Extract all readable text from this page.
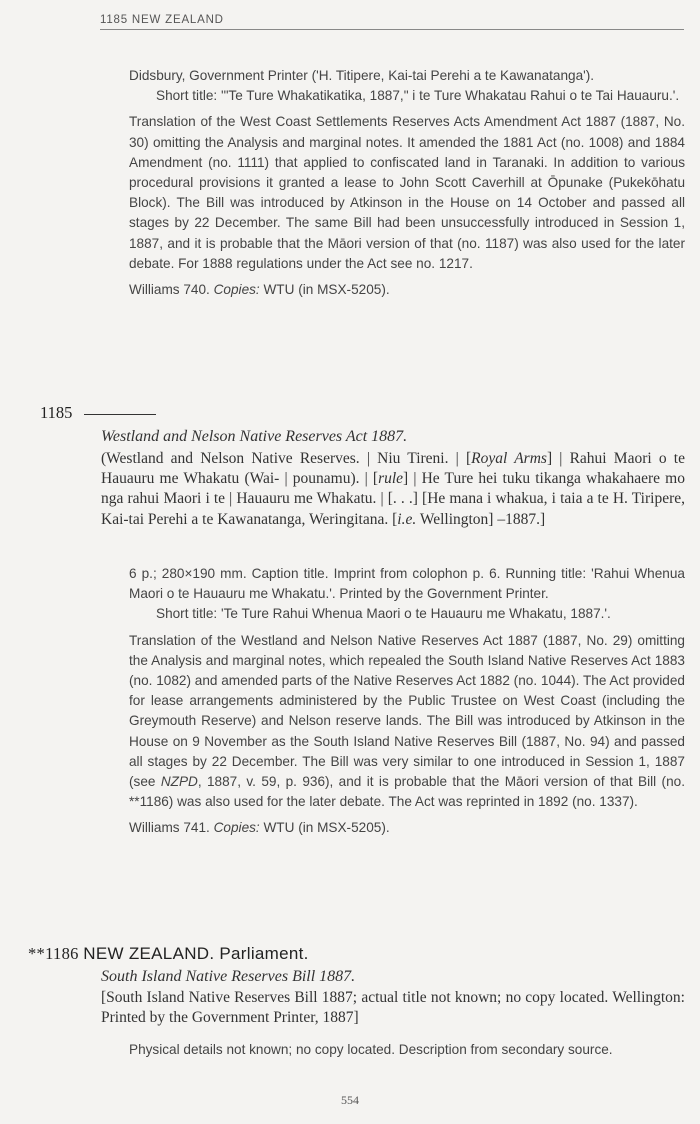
1185 NEW ZEALAND

Didsbury, Government Printer ('H. Titipere, Kai-tai Perehi a te Kawanatanga').

Short title: '"Te Ture Whakatikatika, 1887," i te Ture Whakatau Rahui o te Tai Hauauru.'.

Translation of the West Coast Settlements Reserves Acts Amendment Act 1887 (1887, No. 30) omitting the Analysis and marginal notes. It amended the 1881 Act (no. 1008) and 1884 Amendment (no. 1111) that applied to confiscated land in Taranaki. In addition to various procedural provisions it granted a lease to John Scott Caverhill at Ōpunake (Pukekōhatu Block). The Bill was introduced by Atkinson in the House on 14 October and passed all stages by 22 December. The same Bill had been unsuccessfully introduced in Session 1, 1887, and it is probable that the Māori version of that (no. 1187) was also used for the later debate. For 1888 regulations under the Act see no. 1217.

Williams 740. Copies: WTU (in MSX-5205).

1185
Westland and Nelson Native Reserves Act 1887.
(Westland and Nelson Native Reserves. | Niu Tireni. | [Royal Arms] | Rahui Maori o te Hauauru me Whakatu (Wai- | pounamu). | [rule] | He Ture hei tuku tikanga whakahaere mo nga rahui Maori i te | Hauauru me Whakatu. | [. . .] [He mana i whakua, i taia a te H. Tiripere, Kai-tai Perehi a te Kawanatanga, Weringitana. [i.e. Wellington] –1887.]

6 p.; 280×190 mm. Caption title. Imprint from colophon p. 6. Running title: 'Rahui Whenua Maori o te Hauauru me Whakatu.'. Printed by the Government Printer.

Short title: 'Te Ture Rahui Whenua Maori o te Hauauru me Whakatu, 1887.'.

Translation of the Westland and Nelson Native Reserves Act 1887 (1887, No. 29) omitting the Analysis and marginal notes, which repealed the South Island Native Reserves Act 1883 (no. 1082) and amended parts of the Native Reserves Act 1882 (no. 1044). The Act provided for lease arrangements administered by the Public Trustee on West Coast (including the Greymouth Reserve) and Nelson reserve lands. The Bill was introduced by Atkinson in the House on 9 November as the South Island Native Reserves Bill (1887, No. 94) and passed all stages by 22 December. The Bill was very similar to one introduced in Session 1, 1887 (see NZPD, 1887, v. 59, p. 936), and it is probable that the Māori version of that Bill (no. **1186) was also used for the later debate. The Act was reprinted in 1892 (no. 1337).

Williams 741. Copies: WTU (in MSX-5205).

**1186 NEW ZEALAND. Parliament.
South Island Native Reserves Bill 1887.
[South Island Native Reserves Bill 1887; actual title not known; no copy located. Wellington: Printed by the Government Printer, 1887]

Physical details not known; no copy located. Description from secondary source.

554
